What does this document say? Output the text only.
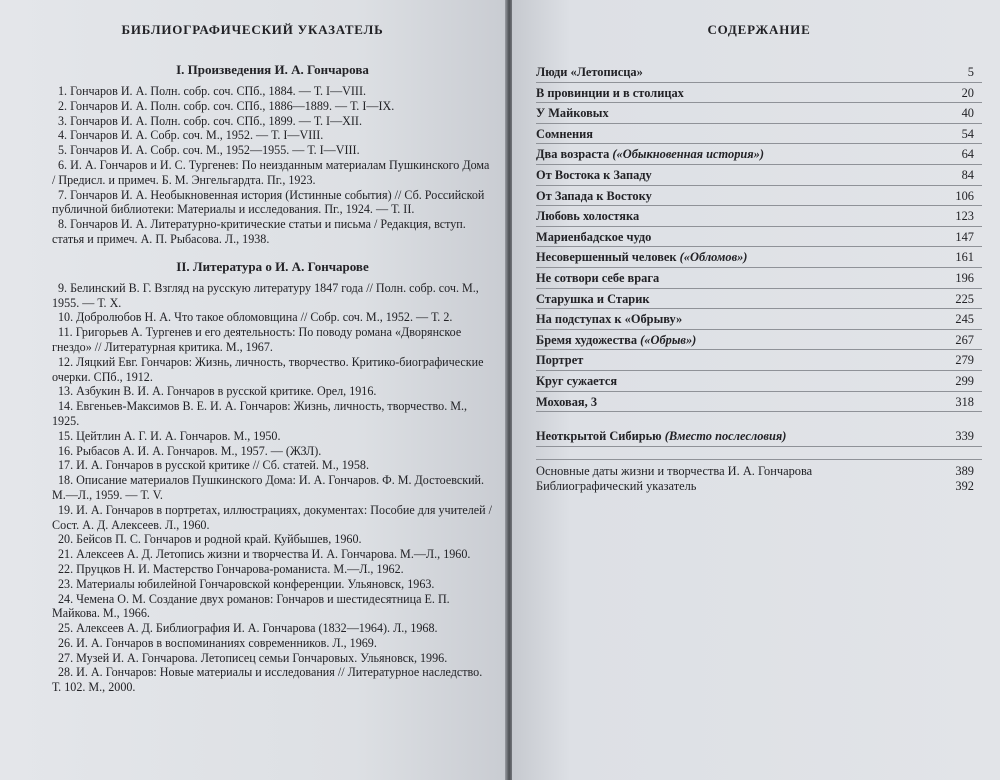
БИБЛИОГРАФИЧЕСКИЙ УКАЗАТЕЛЬ
I. Произведения И. А. Гончарова

1. Гончаров И. А. Полн. собр. соч. СПб., 1884. — Т. I—VIII.

2. Гончаров И. А. Полн. собр. соч. СПб., 1886—1889. — Т. I—IX.

3. Гончаров И. А. Полн. собр. соч. СПб., 1899. — Т. I—XII.

4. Гончаров И. А. Собр. соч. М., 1952. — Т. I—VIII.

5. Гончаров И. А. Собр. соч. М., 1952—1955. — Т. I—VIII.

6. И. А. Гончаров и И. С. Тургенев: По неизданным материалам Пушкинского Дома / Предисл. и примеч. Б. М. Энгельгардта. Пг., 1923.

7. Гончаров И. А. Необыкновенная история (Истинные события) // Сб. Российской публичной библиотеки: Материалы и исследования. Пг., 1924. — Т. II.

8. Гончаров И. А. Литературно-критические статьи и письма / Редакция, вступ. статья и примеч. А. П. Рыбасова. Л., 1938.

II. Литература о И. А. Гончарове

9. Белинский В. Г. Взгляд на русскую литературу 1847 года // Полн. собр. соч. М., 1955. — Т. X.

10. Добролюбов Н. А. Что такое обломовщина // Собр. соч. М., 1952. — Т. 2.

11. Григорьев А. Тургенев и его деятельность: По поводу романа «Дворянское гнездо» // Литературная критика. М., 1967.

12. Ляцкий Евг. Гончаров: Жизнь, личность, творчество. Критико-биографические очерки. СПб., 1912.

13. Азбукин В. И. А. Гончаров в русской критике. Орел, 1916.

14. Евгеньев-Максимов В. Е. И. А. Гончаров: Жизнь, личность, творчество. М., 1925.

15. Цейтлин А. Г. И. А. Гончаров. М., 1950.

16. Рыбасов А. И. А. Гончаров. М., 1957. — (ЖЗЛ).

17. И. А. Гончаров в русской критике // Сб. статей. М., 1958.

18. Описание материалов Пушкинского Дома: И. А. Гончаров. Ф. М. Достоевский. М.—Л., 1959. — Т. V.

19. И. А. Гончаров в портретах, иллюстрациях, документах: Пособие для учителей / Сост. А. Д. Алексеев. Л., 1960.

20. Бейсов П. С. Гончаров и родной край. Куйбышев, 1960.

21. Алексеев А. Д. Летопись жизни и творчества И. А. Гончарова. М.—Л., 1960.

22. Пруцков Н. И. Мастерство Гончарова-романиста. М.—Л., 1962.

23. Материалы юбилейной Гончаровской конференции. Ульяновск, 1963.

24. Чемена О. М. Создание двух романов: Гончаров и шестидесятница Е. П. Майкова. М., 1966.

25. Алексеев А. Д. Библиография И. А. Гончарова (1832—1964). Л., 1968.

26. И. А. Гончаров в воспоминаниях современников. Л., 1969.

27. Музей И. А. Гончарова. Летописец семьи Гончаровых. Ульяновск, 1996.

28. И. А. Гончаров: Новые материалы и исследования // Литературное наследство. Т. 102. М., 2000.

СОДЕРЖАНИЕ
Люди «Летописца»	5
В провинции и в столицах	20
У Майковых	40
Сомнения	54
Два возраста («Обыкновенная история»)	64
От Востока к Западу	84
От Запада к Востоку	106
Любовь холостяка	123
Мариенбадское чудо	147
Несовершенный человек («Обломов»)	161
Не сотвори себе врага	196
Старушка и Старик	225
На подступах к «Обрыву»	245
Бремя художества («Обрыв»)	267
Портрет	279
Круг сужается	299
Моховая, 3	318
Неоткрытой Сибирью (Вместо послесловия)	339
Основные даты жизни и творчества И. А. Гончарова	389
Библиографический указатель	392
